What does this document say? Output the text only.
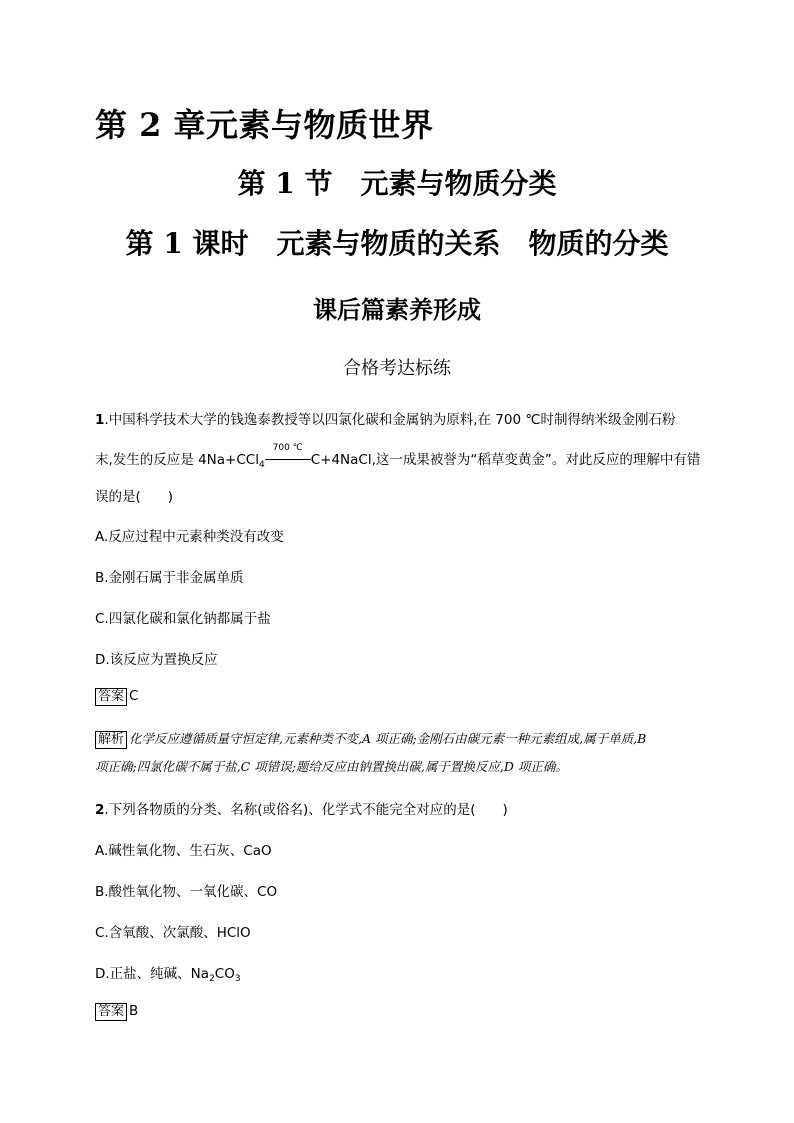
第 2 章元素与物质世界
第 1 节　元素与物质分类
第 1 课时　元素与物质的关系　物质的分类
课后篇素养形成
合格考达标练
1.中国科学技术大学的钱逸泰教授等以四氯化碳和金属钠为原料,在 700 ℃时制得纳米级金刚石粉
末,发生的反应是 4Na+CCl$_4$
700 ℃
C+4NaCl,这一成果被誉为“稻草变黄金”。对此反应的理解中有错
误的是(　　)
A.反应过程中元素种类没有改变
B.金刚石属于非金属单质
C.四氯化碳和氯化钠都属于盐
D.该反应为置换反应
答案 C
解析 化学反应遵循质量守恒定律,元素种类不变,A 项正确;金刚石由碳元素一种元素组成,属于单质,B
项正确;四氯化碳不属于盐,C 项错误;题给反应由钠置换出碳,属于置换反应,D 项正确。
2.下列各物质的分类、名称(或俗名)、化学式不能完全对应的是(　　)
A.碱性氧化物、生石灰、CaO
B.酸性氧化物、一氧化碳、CO
C.含氧酸、次氯酸、HClO
D.正盐、纯碱、$Na_2CO_3$
答案 B
